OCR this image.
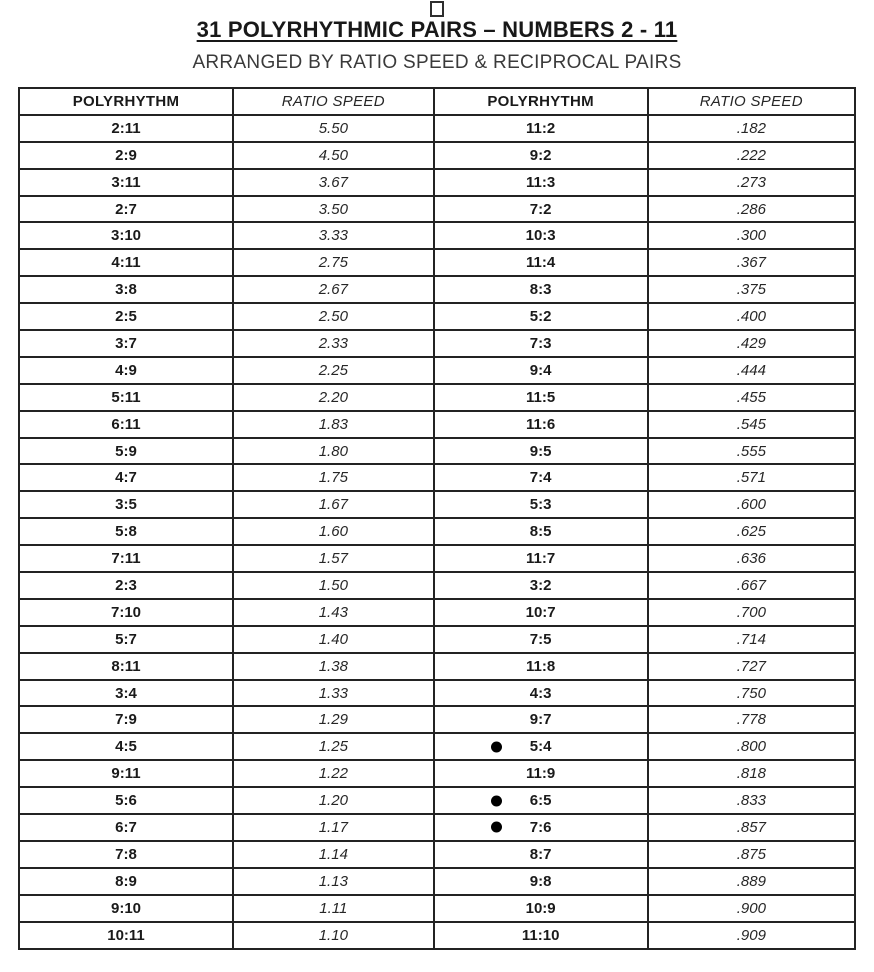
31 POLYRHYTHMIC PAIRS – NUMBERS 2 - 11
ARRANGED BY RATIO SPEED & RECIPROCAL PAIRS
POLYRHYTHM	RATIO SPEED	POLYRHYTHM	RATIO SPEED
2:11	5.50	11:2	.182
2:9	4.50	9:2	.222
3:11	3.67	11:3	.273
2:7	3.50	7:2	.286
3:10	3.33	10:3	.300
4:11	2.75	11:4	.367
3:8	2.67	8:3	.375
2:5	2.50	5:2	.400
3:7	2.33	7:3	.429
4:9	2.25	9:4	.444
5:11	2.20	11:5	.455
6:11	1.83	11:6	.545
5:9	1.80	9:5	.555
4:7	1.75	7:4	.571
3:5	1.67	5:3	.600
5:8	1.60	8:5	.625
7:11	1.57	11:7	.636
2:3	1.50	3:2	.667
7:10	1.43	10:7	.700
5:7	1.40	7:5	.714
8:11	1.38	11:8	.727
3:4	1.33	4:3	.750
7:9	1.29	9:7	.778
4:5	1.25	5:4	.800
9:11	1.22	11:9	.818
5:6	1.20	6:5	.833
6:7	1.17	7:6	.857
7:8	1.14	8:7	.875
8:9	1.13	9:8	.889
9:10	1.11	10:9	.900
10:11	1.10	11:10	.909
